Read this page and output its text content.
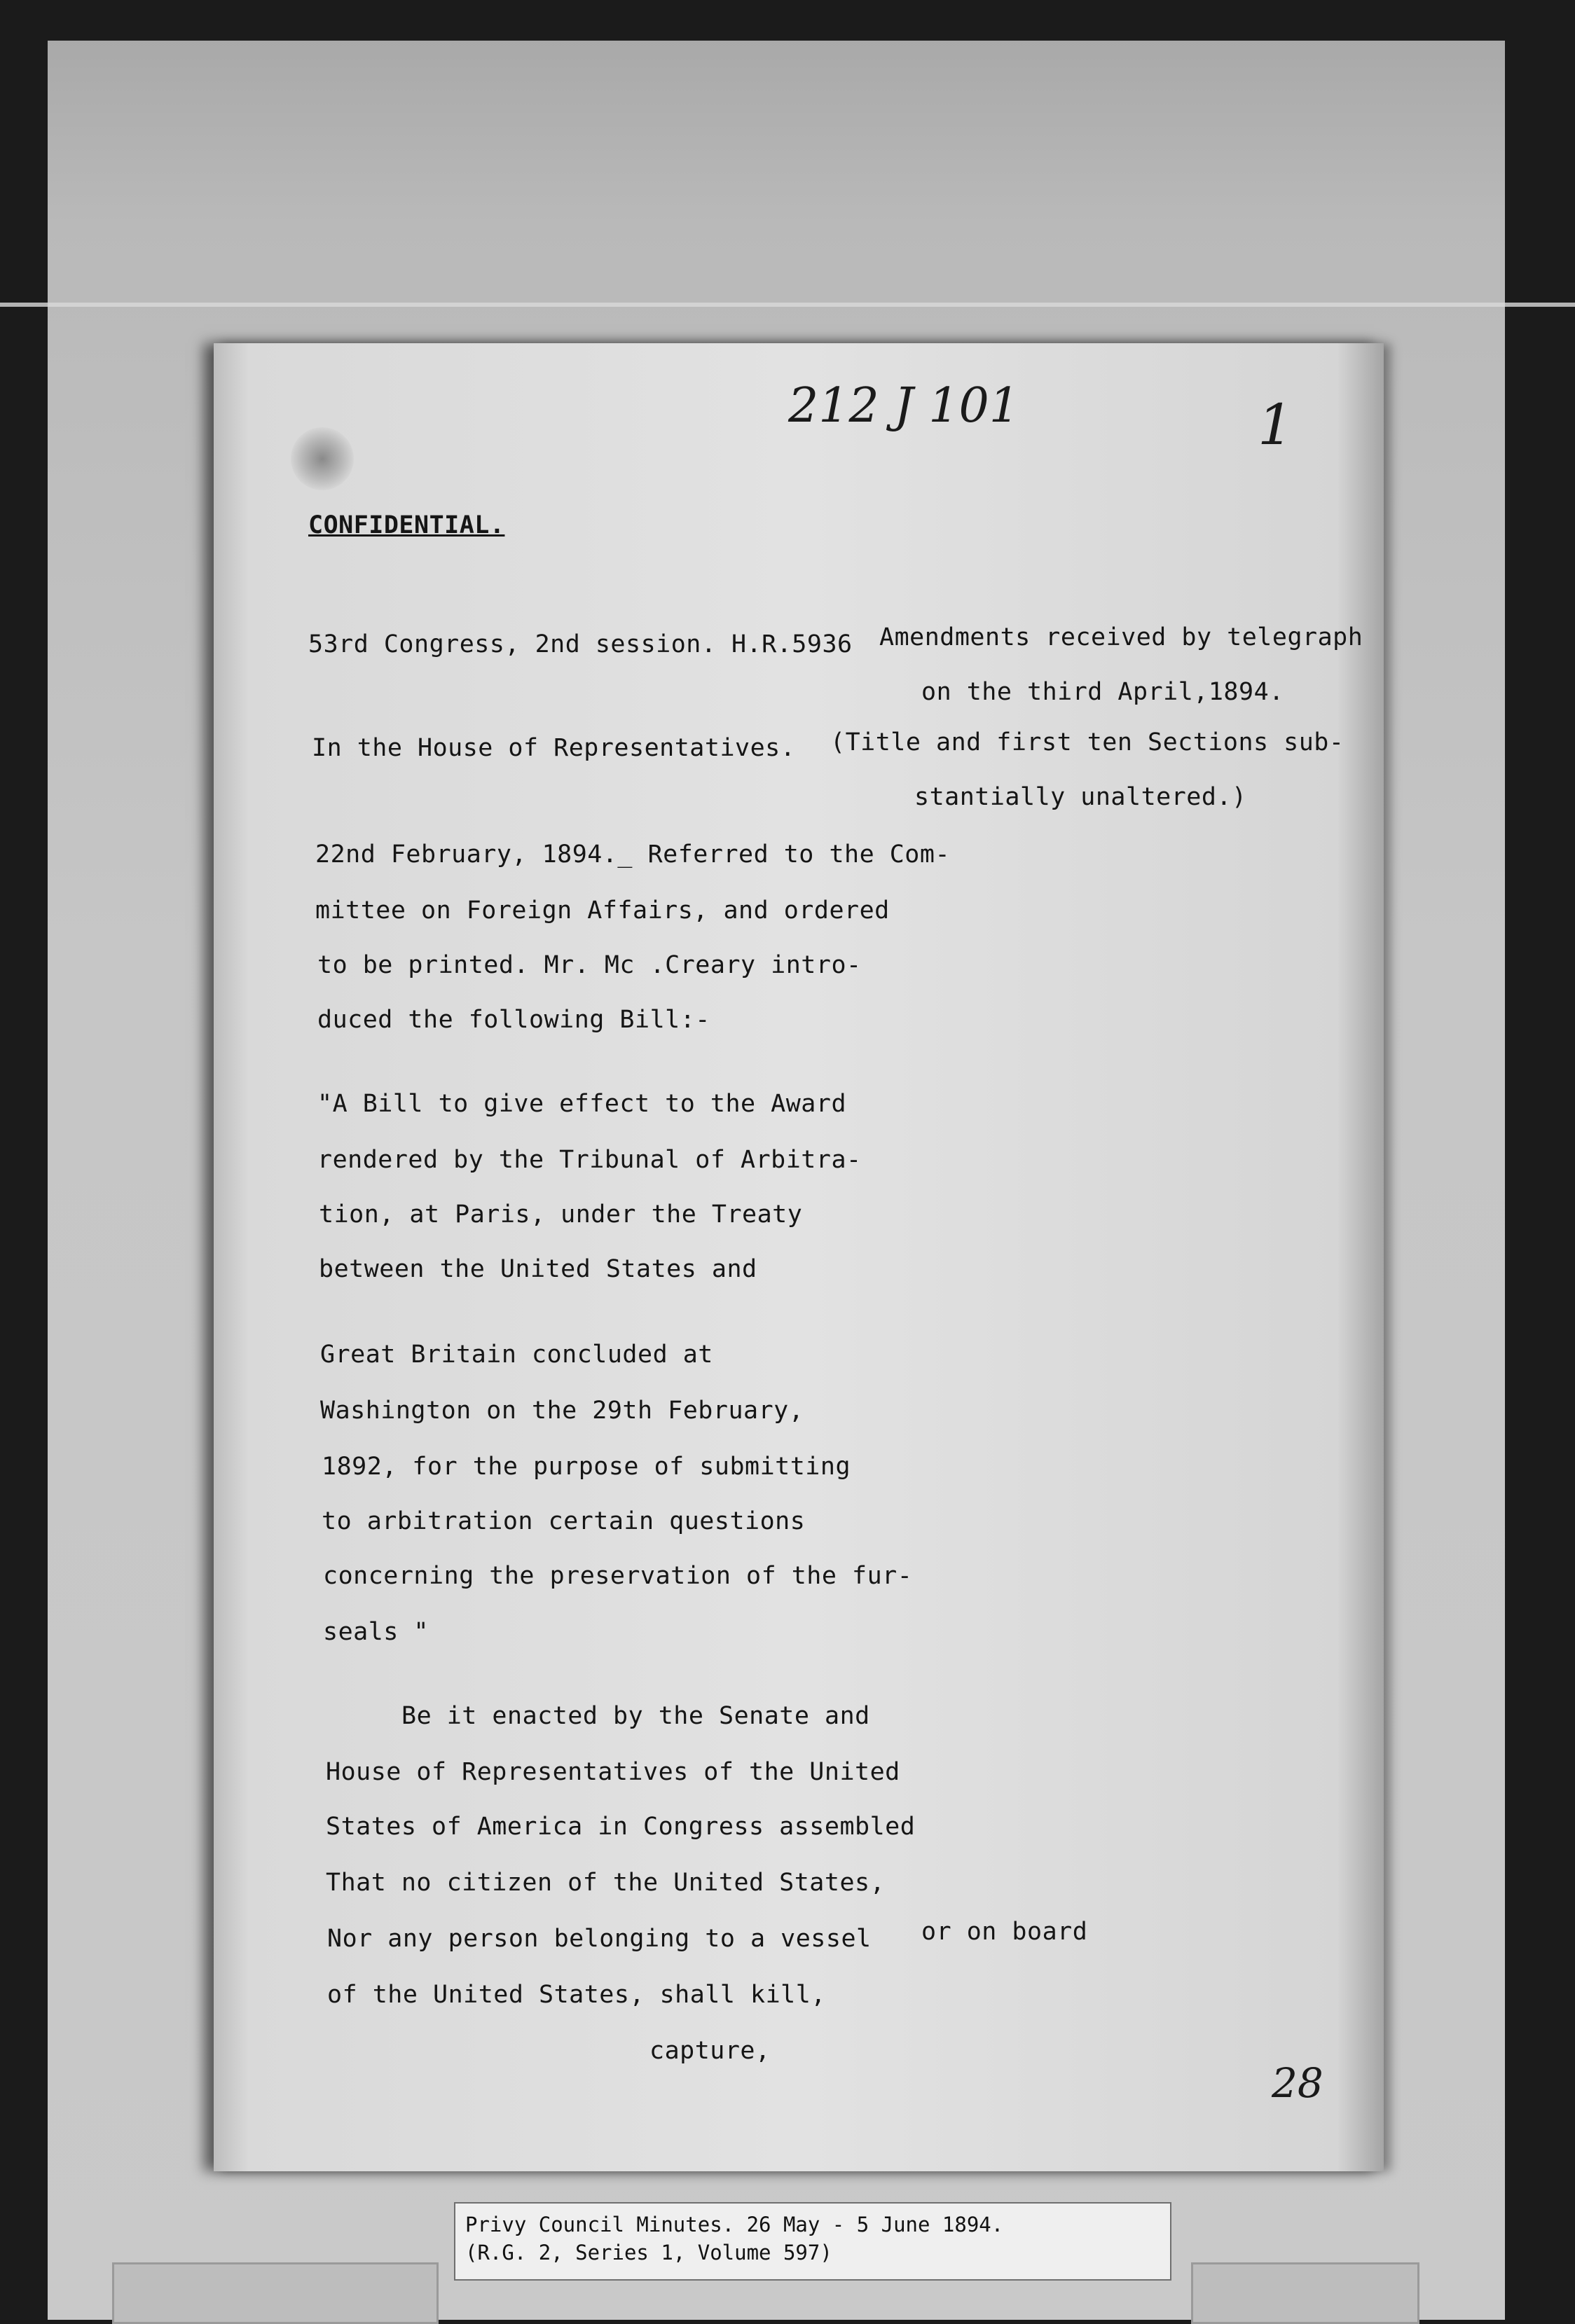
212 J 101	1
CONFIDENTIAL.
53rd Congress, 2nd session. H.R.5936 Amendments received by telegraph
on the third April,1894.
In the House of Representatives. (Title and first ten Sections sub-
stantially unaltered.)
22nd February, 1894._ Referred to the Com-
mittee on Foreign Affairs, and ordered
to be printed. Mr. Mc .Creary intro-
duced the following Bill:-
"A Bill to give effect to the Award
rendered by the Tribunal of Arbitra-
tion, at Paris, under the Treaty
between the United States and
Great Britain concluded at
Washington on the 29th February,
1892, for the purpose of submitting
to arbitration certain questions
concerning the preservation of the fur-
seals "
Be it enacted by the Senate and
House of Representatives of the United
States of America in Congress assembled
That no citizen of the United States,
Nor any person belonging to a vessel or on board
of the United States, shall kill,
capture,
28
Privy Council Minutes. 26 May - 5 June 1894.
(R.G. 2, Series 1, Volume 597)
